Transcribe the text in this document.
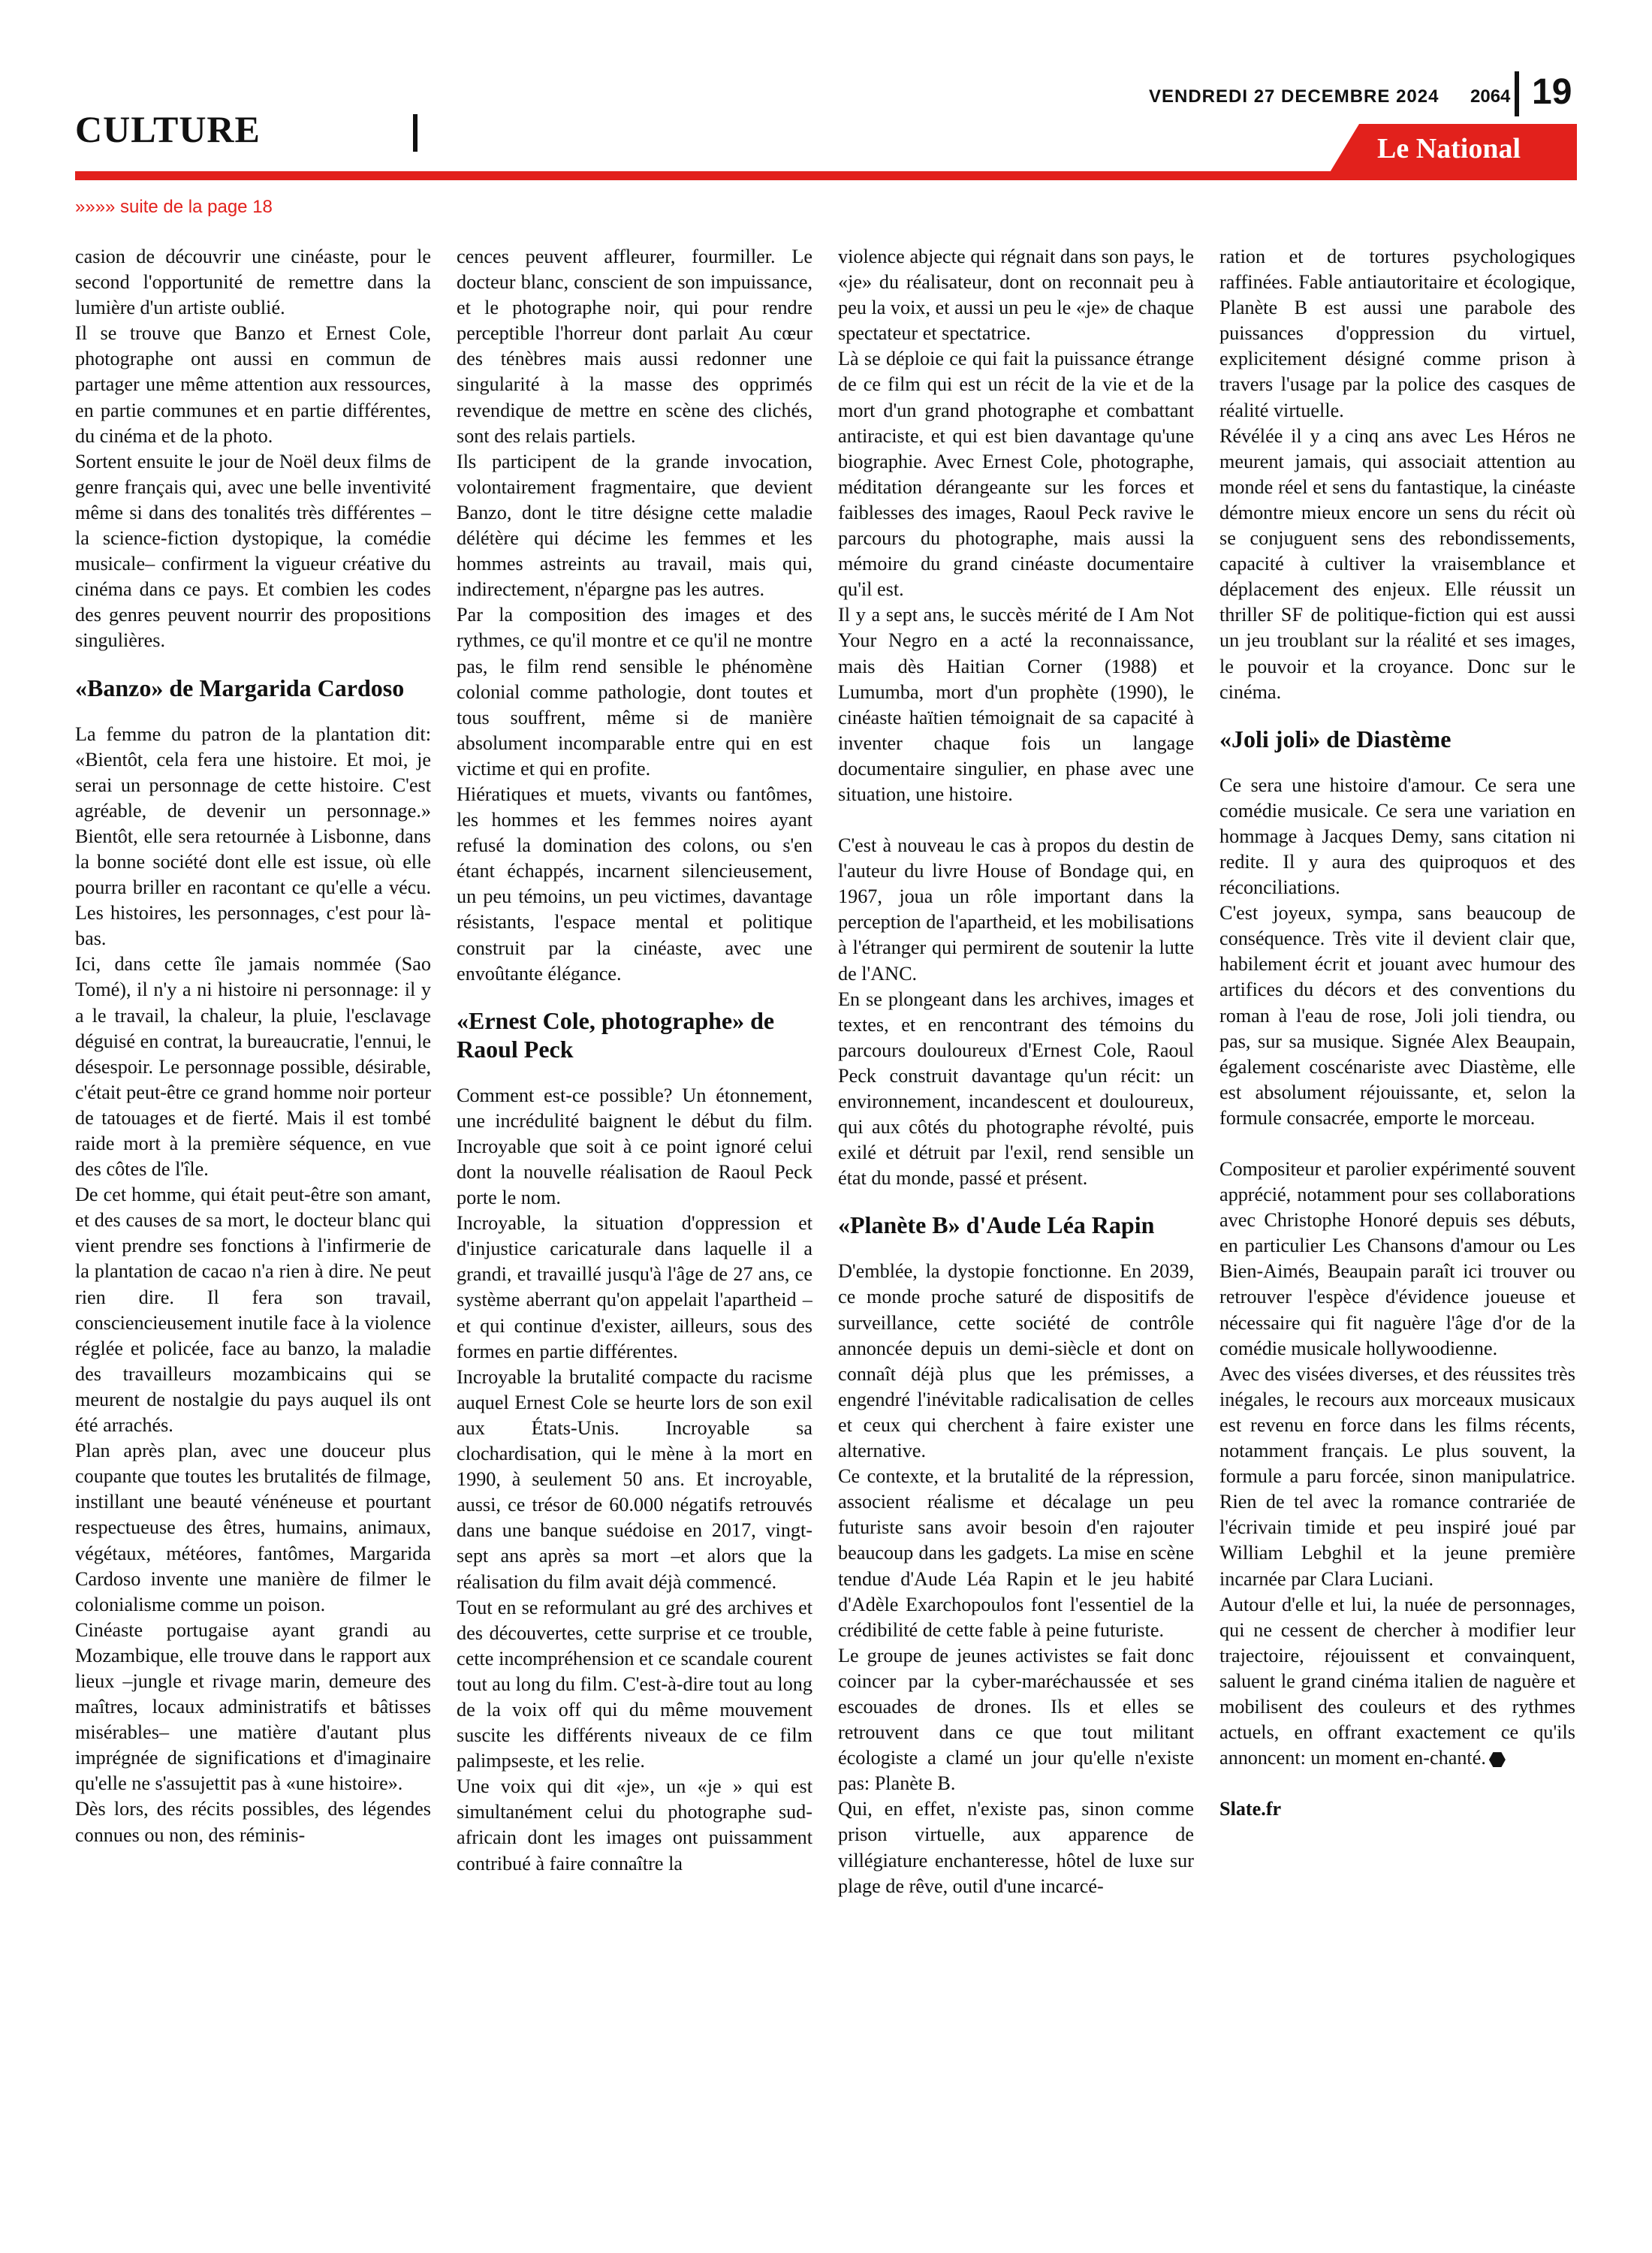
CULTURE
VENDREDI 27 DECEMBRE 2024 2064 19
Le National
»»»» suite de la page 18

casion de découvrir une cinéaste, pour le second l'opportunité de remettre dans la lumière d'un artiste oublié.

Il se trouve que Banzo et Ernest Cole, photographe ont aussi en commun de partager une même attention aux ressources, en partie communes et en partie différentes, du cinéma et de la photo.

Sortent ensuite le jour de Noël deux films de genre français qui, avec une belle inventivité même si dans des tonalités très différentes –la science-fiction dystopique, la comédie musicale– confirment la vigueur créative du cinéma dans ce pays. Et combien les codes des genres peuvent nourrir des propositions singulières.

«Banzo» de Margarida Cardoso

La femme du patron de la plantation dit: «Bientôt, cela fera une histoire. Et moi, je serai un personnage de cette histoire. C'est agréable, de devenir un personnage.» Bientôt, elle sera retournée à Lisbonne, dans la bonne société dont elle est issue, où elle pourra briller en racontant ce qu'elle a vécu. Les histoires, les personnages, c'est pour là-bas.

Ici, dans cette île jamais nommée (Sao Tomé), il n'y a ni histoire ni personnage: il y a le travail, la chaleur, la pluie, l'esclavage déguisé en contrat, la bureaucratie, l'ennui, le désespoir. Le personnage possible, désirable, c'était peut-être ce grand homme noir porteur de tatouages et de fierté. Mais il est tombé raide mort à la première séquence, en vue des côtes de l'île.

De cet homme, qui était peut-être son amant, et des causes de sa mort, le docteur blanc qui vient prendre ses fonctions à l'infirmerie de la plantation de cacao n'a rien à dire. Ne peut rien dire. Il fera son travail, consciencieusement inutile face à la violence réglée et policée, face au banzo, la maladie des travailleurs mozambicains qui se meurent de nostalgie du pays auquel ils ont été arrachés.

Plan après plan, avec une douceur plus coupante que toutes les brutalités de filmage, instillant une beauté vénéneuse et pourtant respectueuse des êtres, humains, animaux, végétaux, météores, fantômes, Margarida Cardoso invente une manière de filmer le colonialisme comme un poison.

Cinéaste portugaise ayant grandi au Mozambique, elle trouve dans le rapport aux lieux –jungle et rivage marin, demeure des maîtres, locaux administratifs et bâtisses misérables– une matière d'autant plus imprégnée de significations et d'imaginaire qu'elle ne s'assujettit pas à «une histoire».

Dès lors, des récits possibles, des légendes connues ou non, des réminis-

cences peuvent affleurer, fourmiller. Le docteur blanc, conscient de son impuissance, et le photographe noir, qui pour rendre perceptible l'horreur dont parlait Au cœur des ténèbres mais aussi redonner une singularité à la masse des opprimés revendique de mettre en scène des clichés, sont des relais partiels.

Ils participent de la grande invocation, volontairement fragmentaire, que devient Banzo, dont le titre désigne cette maladie délétère qui décime les femmes et les hommes astreints au travail, mais qui, indirectement, n'épargne pas les autres.

Par la composition des images et des rythmes, ce qu'il montre et ce qu'il ne montre pas, le film rend sensible le phénomène colonial comme pathologie, dont toutes et tous souffrent, même si de manière absolument incomparable entre qui en est victime et qui en profite.

Hiératiques et muets, vivants ou fantômes, les hommes et les femmes noires ayant refusé la domination des colons, ou s'en étant échappés, incarnent silencieusement, un peu témoins, un peu victimes, davantage résistants, l'espace mental et politique construit par la cinéaste, avec une envoûtante élégance.

«Ernest Cole, photographe» de Raoul Peck

Comment est-ce possible? Un étonnement, une incrédulité baignent le début du film. Incroyable que soit à ce point ignoré celui dont la nouvelle réalisation de Raoul Peck porte le nom.

Incroyable, la situation d'oppression et d'injustice caricaturale dans laquelle il a grandi, et travaillé jusqu'à l'âge de 27 ans, ce système aberrant qu'on appelait l'apartheid –et qui continue d'exister, ailleurs, sous des formes en partie différentes.

Incroyable la brutalité compacte du racisme auquel Ernest Cole se heurte lors de son exil aux États-Unis. Incroyable sa clochardisation, qui le mène à la mort en 1990, à seulement 50 ans. Et incroyable, aussi, ce trésor de 60.000 négatifs retrouvés dans une banque suédoise en 2017, vingt-sept ans après sa mort –et alors que la réalisation du film avait déjà commencé.

Tout en se reformulant au gré des archives et des découvertes, cette surprise et ce trouble, cette incompréhension et ce scandale courent tout au long du film. C'est-à-dire tout au long de la voix off qui du même mouvement suscite les différents niveaux de ce film palimpseste, et les relie.

Une voix qui dit «je», un «je » qui est simultanément celui du photographe sud-africain dont les images ont puissamment contribué à faire connaître la

violence abjecte qui régnait dans son pays, le «je» du réalisateur, dont on reconnait peu à peu la voix, et aussi un peu le «je» de chaque spectateur et spectatrice.

Là se déploie ce qui fait la puissance étrange de ce film qui est un récit de la vie et de la mort d'un grand photographe et combattant antiraciste, et qui est bien davantage qu'une biographie. Avec Ernest Cole, photographe, méditation dérangeante sur les forces et faiblesses des images, Raoul Peck ravive le parcours du photographe, mais aussi la mémoire du grand cinéaste documentaire qu'il est.

Il y a sept ans, le succès mérité de I Am Not Your Negro en a acté la reconnaissance, mais dès Haitian Corner (1988) et Lumumba, mort d'un prophète (1990), le cinéaste haïtien témoignait de sa capacité à inventer chaque fois un langage documentaire singulier, en phase avec une situation, une histoire.

C'est à nouveau le cas à propos du destin de l'auteur du livre House of Bondage qui, en 1967, joua un rôle important dans la perception de l'apartheid, et les mobilisations à l'étranger qui permirent de soutenir la lutte de l'ANC.

En se plongeant dans les archives, images et textes, et en rencontrant des témoins du parcours douloureux d'Ernest Cole, Raoul Peck construit davantage qu'un récit: un environnement, incandescent et douloureux, qui aux côtés du photographe révolté, puis exilé et détruit par l'exil, rend sensible un état du monde, passé et présent.

«Planète B» d'Aude Léa Rapin

D'emblée, la dystopie fonctionne. En 2039, ce monde proche saturé de dispositifs de surveillance, cette société de contrôle annoncée depuis un demi-siècle et dont on connaît déjà plus que les prémisses, a engendré l'inévitable radicalisation de celles et ceux qui cherchent à faire exister une alternative.

Ce contexte, et la brutalité de la répression, associent réalisme et décalage un peu futuriste sans avoir besoin d'en rajouter beaucoup dans les gadgets. La mise en scène tendue d'Aude Léa Rapin et le jeu habité d'Adèle Exarchopoulos font l'essentiel de la crédibilité de cette fable à peine futuriste.

Le groupe de jeunes activistes se fait donc coincer par la cyber-maréchaussée et ses escouades de drones. Ils et elles se retrouvent dans ce que tout militant écologiste a clamé un jour qu'elle n'existe pas: Planète B.

Qui, en effet, n'existe pas, sinon comme prison virtuelle, aux apparence de villégiature enchanteresse, hôtel de luxe sur plage de rêve, outil d'une incarcé-

ration et de tortures psychologiques raffinées. Fable antiautoritaire et écologique, Planète B est aussi une parabole des puissances d'oppression du virtuel, explicitement désigné comme prison à travers l'usage par la police des casques de réalité virtuelle.

Révélée il y a cinq ans avec Les Héros ne meurent jamais, qui associait attention au monde réel et sens du fantastique, la cinéaste démontre mieux encore un sens du récit où se conjuguent sens des rebondissements, capacité à cultiver la vraisemblance et déplacement des enjeux. Elle réussit un thriller SF de politique-fiction qui est aussi un jeu troublant sur la réalité et ses images, le pouvoir et la croyance. Donc sur le cinéma.

«Joli joli» de Diastème

Ce sera une histoire d'amour. Ce sera une comédie musicale. Ce sera une variation en hommage à Jacques Demy, sans citation ni redite. Il y aura des quiproquos et des réconciliations.

C'est joyeux, sympa, sans beaucoup de conséquence. Très vite il devient clair que, habilement écrit et jouant avec humour des artifices du décors et des conventions du roman à l'eau de rose, Joli joli tiendra, ou pas, sur sa musique. Signée Alex Beaupain, également coscénariste avec Diastème, elle est absolument réjouissante, et, selon la formule consacrée, emporte le morceau.

Compositeur et parolier expérimenté souvent apprécié, notamment pour ses collaborations avec Christophe Honoré depuis ses débuts, en particulier Les Chansons d'amour ou Les Bien-Aimés, Beaupain paraît ici trouver ou retrouver l'espèce d'évidence joueuse et nécessaire qui fit naguère l'âge d'or de la comédie musicale hollywoodienne.

Avec des visées diverses, et des réussites très inégales, le recours aux morceaux musicaux est revenu en force dans les films récents, notamment français. Le plus souvent, la formule a paru forcée, sinon manipulatrice. Rien de tel avec la romance contrariée de l'écrivain timide et peu inspiré joué par William Lebghil et la jeune première incarnée par Clara Luciani.

Autour d'elle et lui, la nuée de personnages, qui ne cessent de chercher à modifier leur trajectoire, réjouissent et convainquent, saluent le grand cinéma italien de naguère et mobilisent des couleurs et des rythmes actuels, en offrant exactement ce qu'ils annoncent: un moment en-chanté.

Slate.fr
